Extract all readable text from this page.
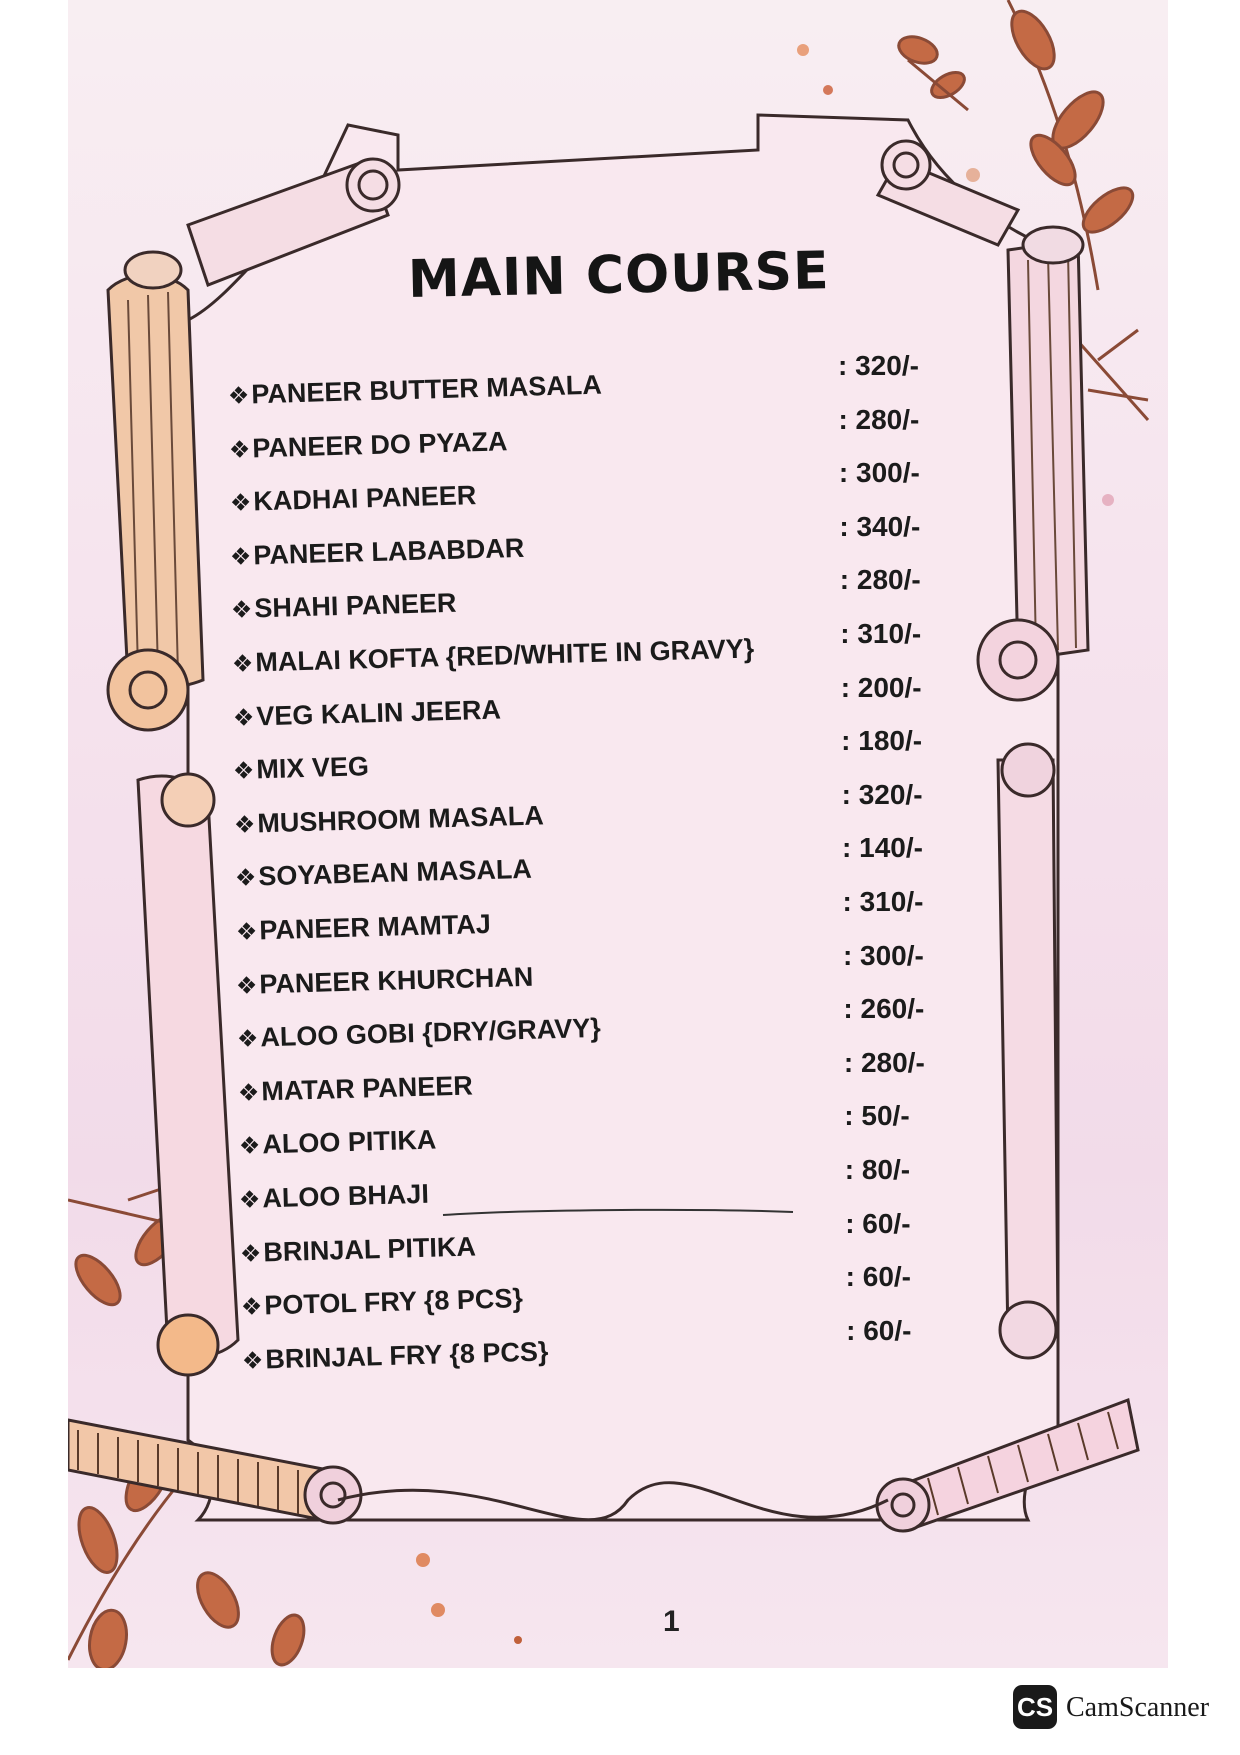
MAIN COURSE
❖PANEER BUTTER MASALA
: 320/-
❖PANEER DO PYAZA
: 280/-
❖KADHAI PANEER
: 300/-
❖PANEER LABABDAR
: 340/-
❖SHAHI PANEER
: 280/-
❖MALAI KOFTA {RED/WHITE IN GRAVY}	: 310/-
❖VEG KALIN JEERA
: 200/-
❖MIX VEG
: 180/-
❖MUSHROOM MASALA
: 320/-
❖SOYABEAN MASALA
: 140/-
❖PANEER MAMTAJ
: 310/-
❖PANEER KHURCHAN
: 300/-
❖ALOO GOBI {DRY/GRAVY}
: 260/-
❖MATAR PANEER
: 280/-
❖ALOO PITIKA
: 50/-
❖ALOO BHAJI
: 80/-
❖BRINJAL PITIKA
: 60/-
❖POTOL FRY {8 PCS}
: 60/-
❖BRINJAL FRY {8 PCS}
: 60/-
1
CS CamScanner
